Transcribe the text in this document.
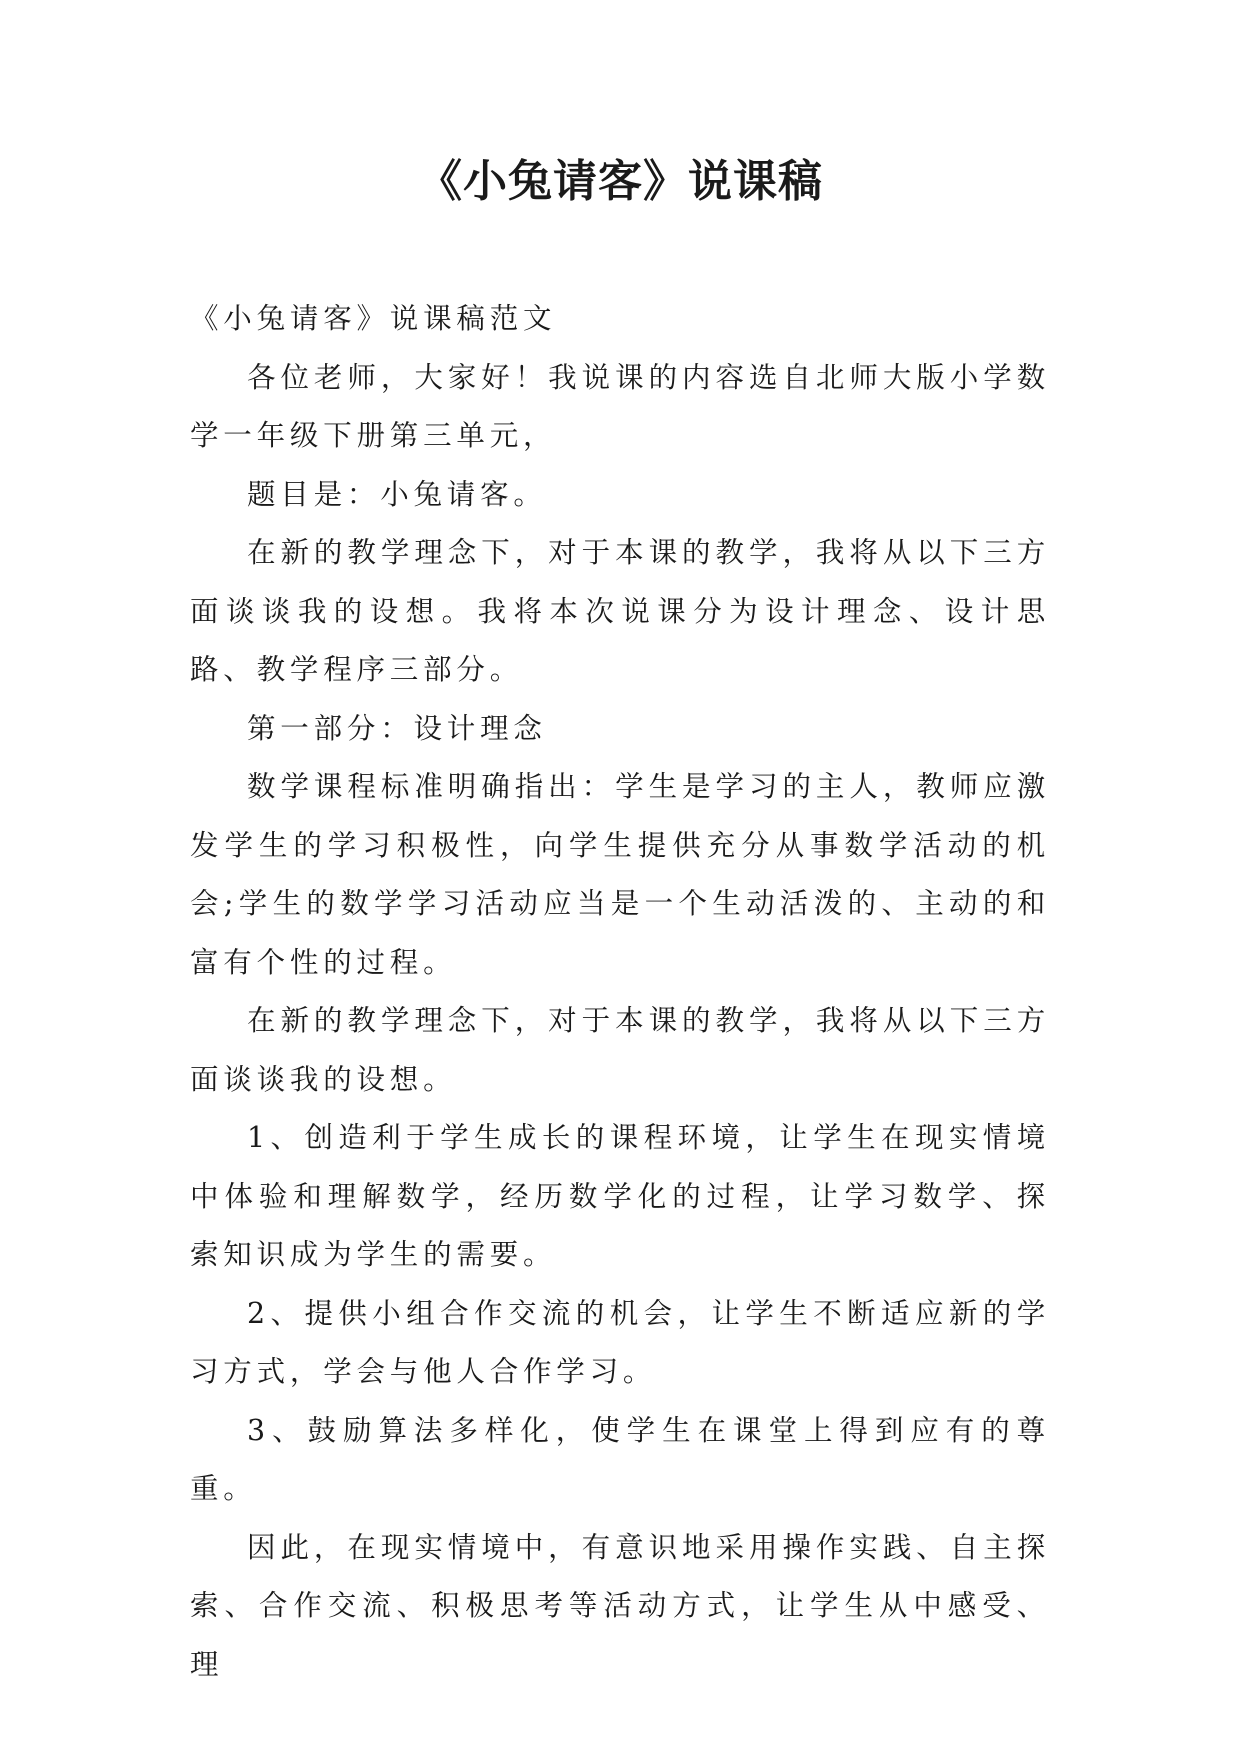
《小兔请客》说课稿

《小兔请客》说课稿范文

各位老师，大家好！我说课的内容选自北师大版小学数学一年级下册第三单元，

题目是：小兔请客。

在新的教学理念下，对于本课的教学，我将从以下三方面谈谈我的设想。我将本次说课分为设计理念、设计思路、教学程序三部分。

第一部分：设计理念

数学课程标准明确指出：学生是学习的主人，教师应激发学生的学习积极性，向学生提供充分从事数学活动的机会;学生的数学学习活动应当是一个生动活泼的、主动的和富有个性的过程。

在新的教学理念下，对于本课的教学，我将从以下三方面谈谈我的设想。

1、创造利于学生成长的课程环境，让学生在现实情境中体验和理解数学，经历数学化的过程，让学习数学、探索知识成为学生的需要。

2、提供小组合作交流的机会，让学生不断适应新的学习方式，学会与他人合作学习。

3、鼓励算法多样化，使学生在课堂上得到应有的尊重。

因此，在现实情境中，有意识地采用操作实践、自主探索、合作交流、积极思考等活动方式，让学生从中感受、理
